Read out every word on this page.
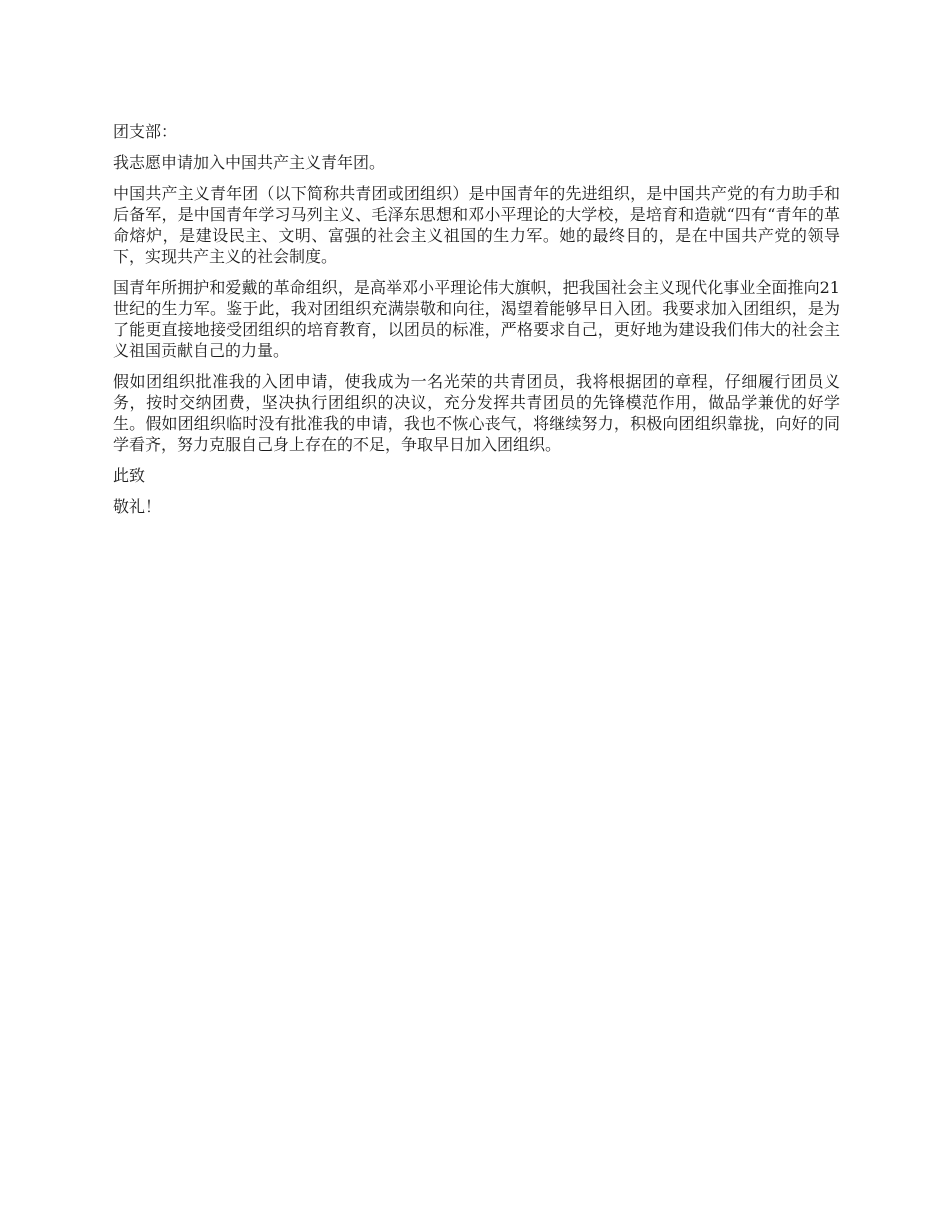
团支部：

我志愿申请加入中国共产主义青年团。

中国共产主义青年团（以下简称共青团或团组织）是中国青年的先进组织，是中国共产党的有力助手和后备军，是中国青年学习马列主义、毛泽东思想和邓小平理论的大学校，是培育和造就“四有“青年的革命熔炉，是建设民主、文明、富强的社会主义祖国的生力军。她的最终目的，是在中国共产党的领导下，实现共产主义的社会制度。

国青年所拥护和爱戴的革命组织，是高举邓小平理论伟大旗帜，把我国社会主义现代化事业全面推向21世纪的生力军。鉴于此，我对团组织充满崇敬和向往，渴望着能够早日入团。我要求加入团组织，是为了能更直接地接受团组织的培育教育，以团员的标准，严格要求自己，更好地为建设我们伟大的社会主义祖国贡献自己的力量。

假如团组织批准我的入团申请，使我成为一名光荣的共青团员，我将根据团的章程，仔细履行团员义务，按时交纳团费，坚决执行团组织的决议，充分发挥共青团员的先锋模范作用，做品学兼优的好学生。假如团组织临时没有批准我的申请，我也不恢心丧气，将继续努力，积极向团组织靠拢，向好的同学看齐，努力克服自己身上存在的不足，争取早日加入团组织。

此致

敬礼！
